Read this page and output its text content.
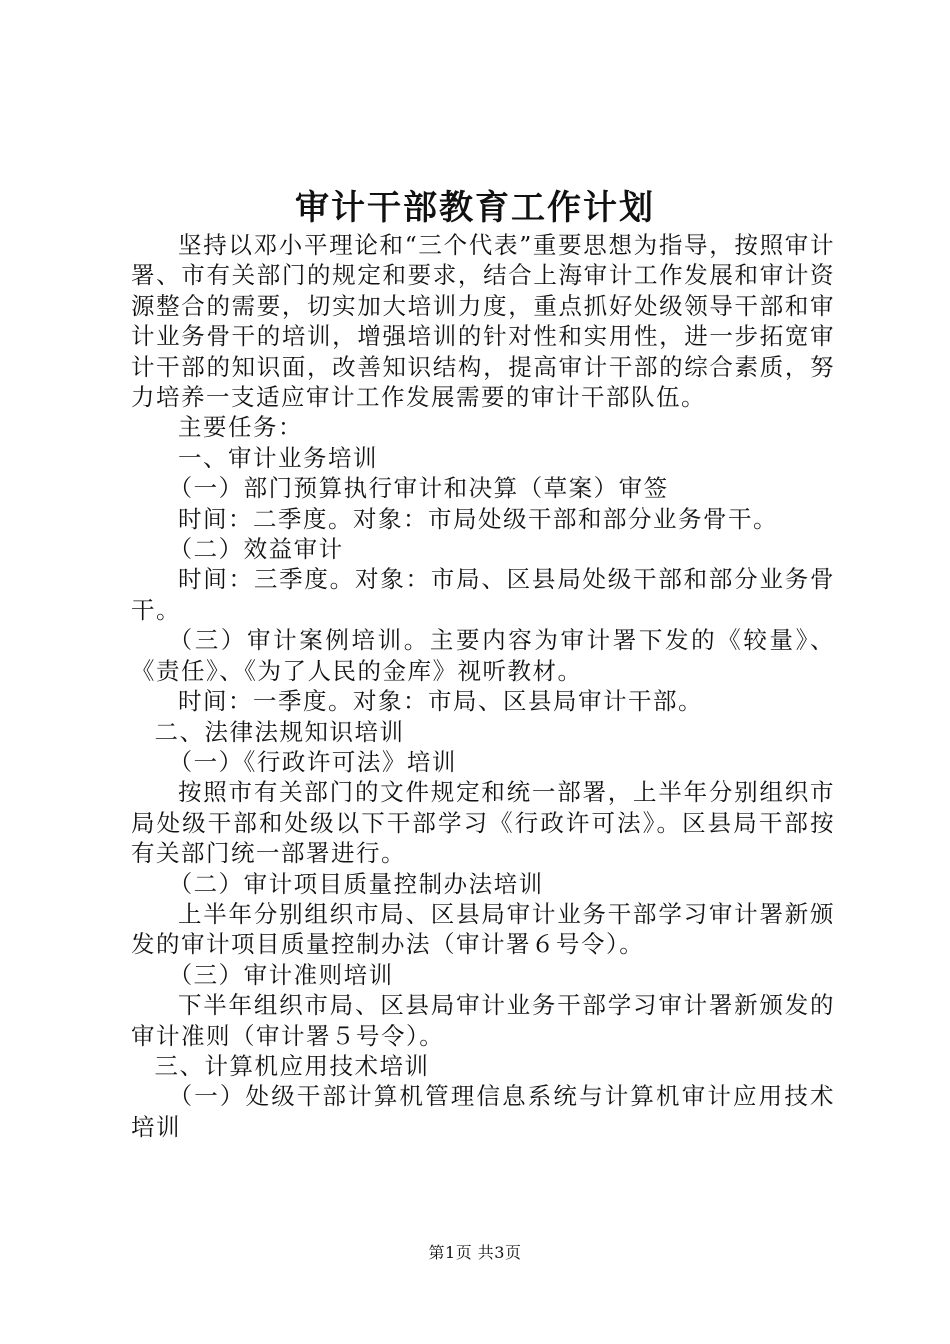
审计干部教育工作计划

坚持以邓小平理论和“三个代表”重要思想为指导，按照审计署、市有关部门的规定和要求，结合上海审计工作发展和审计资源整合的需要，切实加大培训力度，重点抓好处级领导干部和审计业务骨干的培训，增强培训的针对性和实用性，进一步拓宽审计干部的知识面，改善知识结构，提高审计干部的综合素质，努力培养一支适应审计工作发展需要的审计干部队伍。

主要任务：

一、审计业务培训

（一）部门预算执行审计和决算（草案）审签

时间：二季度。对象：市局处级干部和部分业务骨干。

（二）效益审计

时间：三季度。对象：市局、区县局处级干部和部分业务骨干。

（三）审计案例培训。主要内容为审计署下发的《较量》、《责任》、《为了人民的金库》视听教材。

时间：一季度。对象：市局、区县局审计干部。

二、法律法规知识培训

（一）《行政许可法》培训

按照市有关部门的文件规定和统一部署，上半年分别组织市局处级干部和处级以下干部学习《行政许可法》。区县局干部按有关部门统一部署进行。

（二）审计项目质量控制办法培训

上半年分别组织市局、区县局审计业务干部学习审计署新颁发的审计项目质量控制办法（审计署６号令）。

（三）审计准则培训

下半年组织市局、区县局审计业务干部学习审计署新颁发的审计准则（审计署５号令）。

三、计算机应用技术培训

（一）处级干部计算机管理信息系统与计算机审计应用技术培训

第1页 共3页
